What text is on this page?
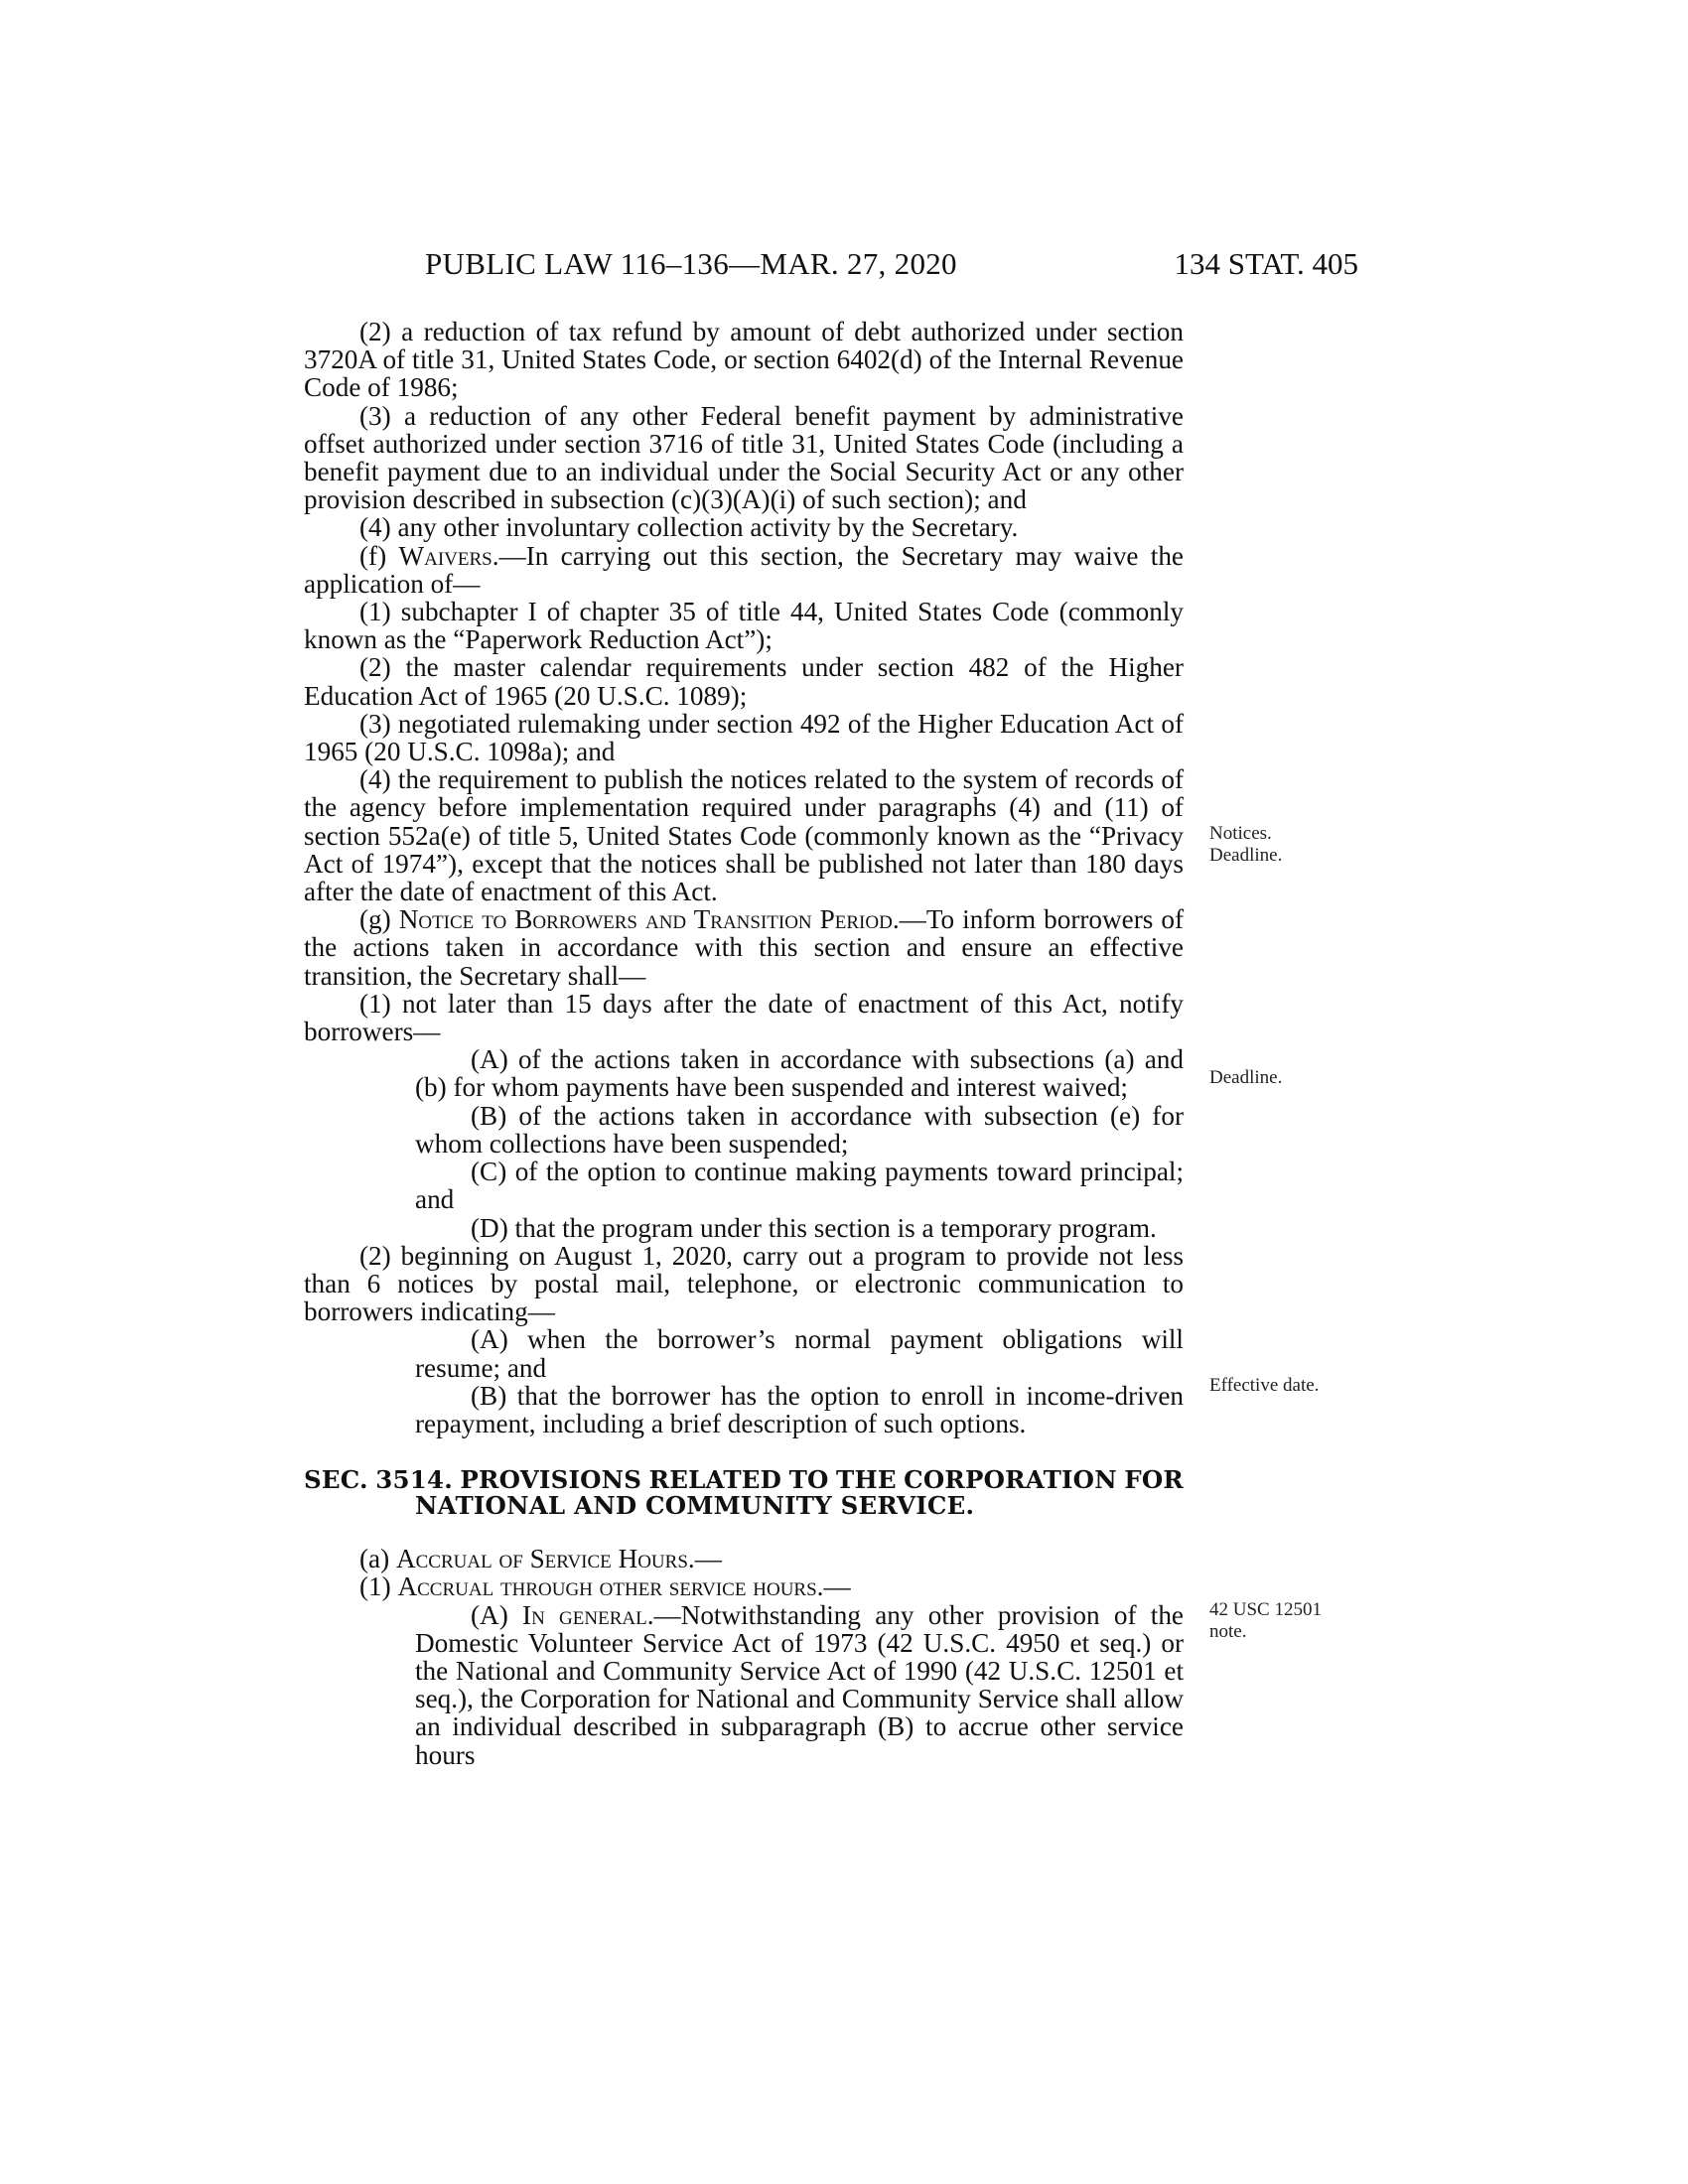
PUBLIC LAW 116–136—MAR. 27, 2020	134 STAT. 405

(2) a reduction of tax refund by amount of debt authorized under section 3720A of title 31, United States Code, or section 6402(d) of the Internal Revenue Code of 1986;

(3) a reduction of any other Federal benefit payment by administrative offset authorized under section 3716 of title 31, United States Code (including a benefit payment due to an individual under the Social Security Act or any other provision described in subsection (c)(3)(A)(i) of such section); and

(4) any other involuntary collection activity by the Secretary.

(f) Waivers.—In carrying out this section, the Secretary may waive the application of—

(1) subchapter I of chapter 35 of title 44, United States Code (commonly known as the “Paperwork Reduction Act”);

(2) the master calendar requirements under section 482 of the Higher Education Act of 1965 (20 U.S.C. 1089);

(3) negotiated rulemaking under section 492 of the Higher Education Act of 1965 (20 U.S.C. 1098a); and

(4) the requirement to publish the notices related to the system of records of the agency before implementation required under paragraphs (4) and (11) of section 552a(e) of title 5, United States Code (commonly known as the “Privacy Act of 1974”), except that the notices shall be published not later than 180 days after the date of enactment of this Act.

(g) Notice to Borrowers and Transition Period.—To inform borrowers of the actions taken in accordance with this section and ensure an effective transition, the Secretary shall—

(1) not later than 15 days after the date of enactment of this Act, notify borrowers—

(A) of the actions taken in accordance with subsections (a) and (b) for whom payments have been suspended and interest waived;

(B) of the actions taken in accordance with subsection (e) for whom collections have been suspended;

(C) of the option to continue making payments toward principal; and

(D) that the program under this section is a temporary program.

(2) beginning on August 1, 2020, carry out a program to provide not less than 6 notices by postal mail, telephone, or electronic communication to borrowers indicating—

(A) when the borrower’s normal payment obligations will resume; and

(B) that the borrower has the option to enroll in income-driven repayment, including a brief description of such options.

SEC. 3514. PROVISIONS RELATED TO THE CORPORATION FOR
NATIONAL AND COMMUNITY SERVICE.

(a) Accrual of Service Hours.—

(1) Accrual through other service hours.—

(A) In general.—Notwithstanding any other provision of the Domestic Volunteer Service Act of 1973 (42 U.S.C. 4950 et seq.) or the National and Community Service Act of 1990 (42 U.S.C. 12501 et seq.), the Corporation for National and Community Service shall allow an individual described in subparagraph (B) to accrue other service hours

Notices.
Deadline.
Deadline.
Effective date.
42 USC 12501
note.
